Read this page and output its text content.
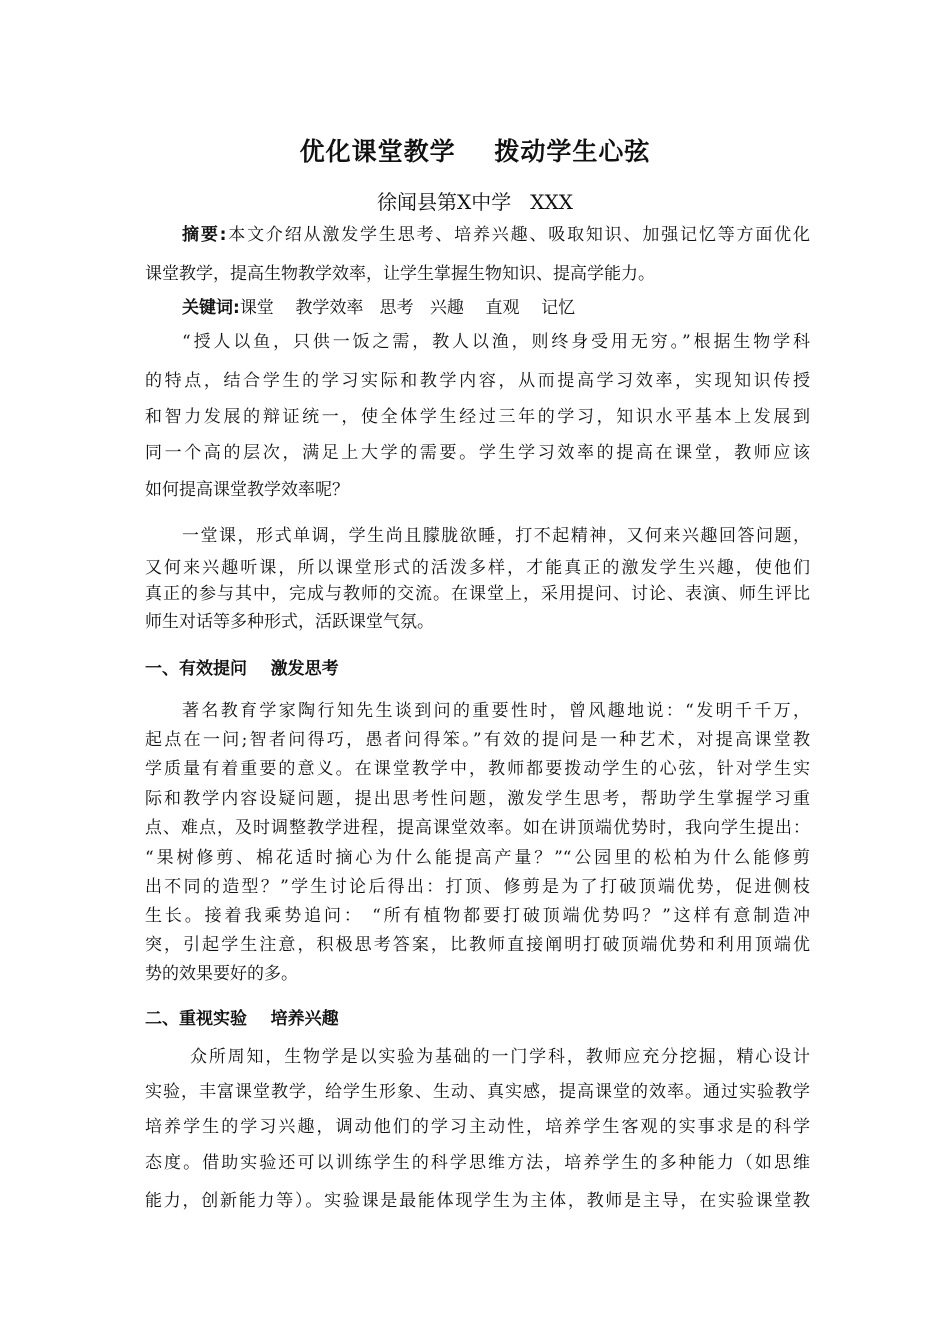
优化课堂教学    拨动学生心弦
徐闻县第X中学   XXX
摘要:本文介绍从激发学生思考、培养兴趣、吸取知识、加强记忆等方面优化
课堂教学，提高生物教学效率，让学生掌握生物知识、提高学能力。
关键词:课堂    教学效率   思考   兴趣    直观    记忆
“授人以鱼，只供一饭之需，教人以渔，则终身受用无穷。”根据生物学科
的特点，结合学生的学习实际和教学内容，从而提高学习效率，实现知识传授
和智力发展的辩证统一，使全体学生经过三年的学习，知识水平基本上发展到
同一个高的层次，满足上大学的需要。学生学习效率的提高在课堂，教师应该
如何提高课堂教学效率呢？
一堂课，形式单调，学生尚且朦胧欲睡，打不起精神，又何来兴趣回答问题，
又何来兴趣听课，所以课堂形式的活泼多样，才能真正的激发学生兴趣，使他们
真正的参与其中，完成与教师的交流。在课堂上，采用提问、讨论、表演、师生评比
师生对话等多种形式，活跃课堂气氛。
一、有效提问    激发思考
著名教育学家陶行知先生谈到问的重要性时，曾风趣地说：“发明千千万，
起点在一问;智者问得巧，愚者问得笨。”有效的提问是一种艺术，对提高课堂教
学质量有着重要的意义。在课堂教学中，教师都要拨动学生的心弦，针对学生实
际和教学内容设疑问题，提出思考性问题，激发学生思考，帮助学生掌握学习重
点、难点，及时调整教学进程，提高课堂效率。如在讲顶端优势时，我向学生提出：
“果树修剪、棉花适时摘心为什么能提高产量？”“公园里的松柏为什么能修剪
出不同的造型？”学生讨论后得出：打顶、修剪是为了打破顶端优势，促进侧枝
生长。接着我乘势追问： “所有植物都要打破顶端优势吗？”这样有意制造冲
突，引起学生注意，积极思考答案，比教师直接阐明打破顶端优势和利用顶端优
势的效果要好的多。
二、重视实验    培养兴趣
众所周知，生物学是以实验为基础的一门学科，教师应充分挖掘，精心设计
实验，丰富课堂教学，给学生形象、生动、真实感，提高课堂的效率。通过实验教学
培养学生的学习兴趣，调动他们的学习主动性，培养学生客观的实事求是的科学
态度。借助实验还可以训练学生的科学思维方法，培养学生的多种能力（如思维
能力，创新能力等）。实验课是最能体现学生为主体，教师是主导，在实验课堂教
